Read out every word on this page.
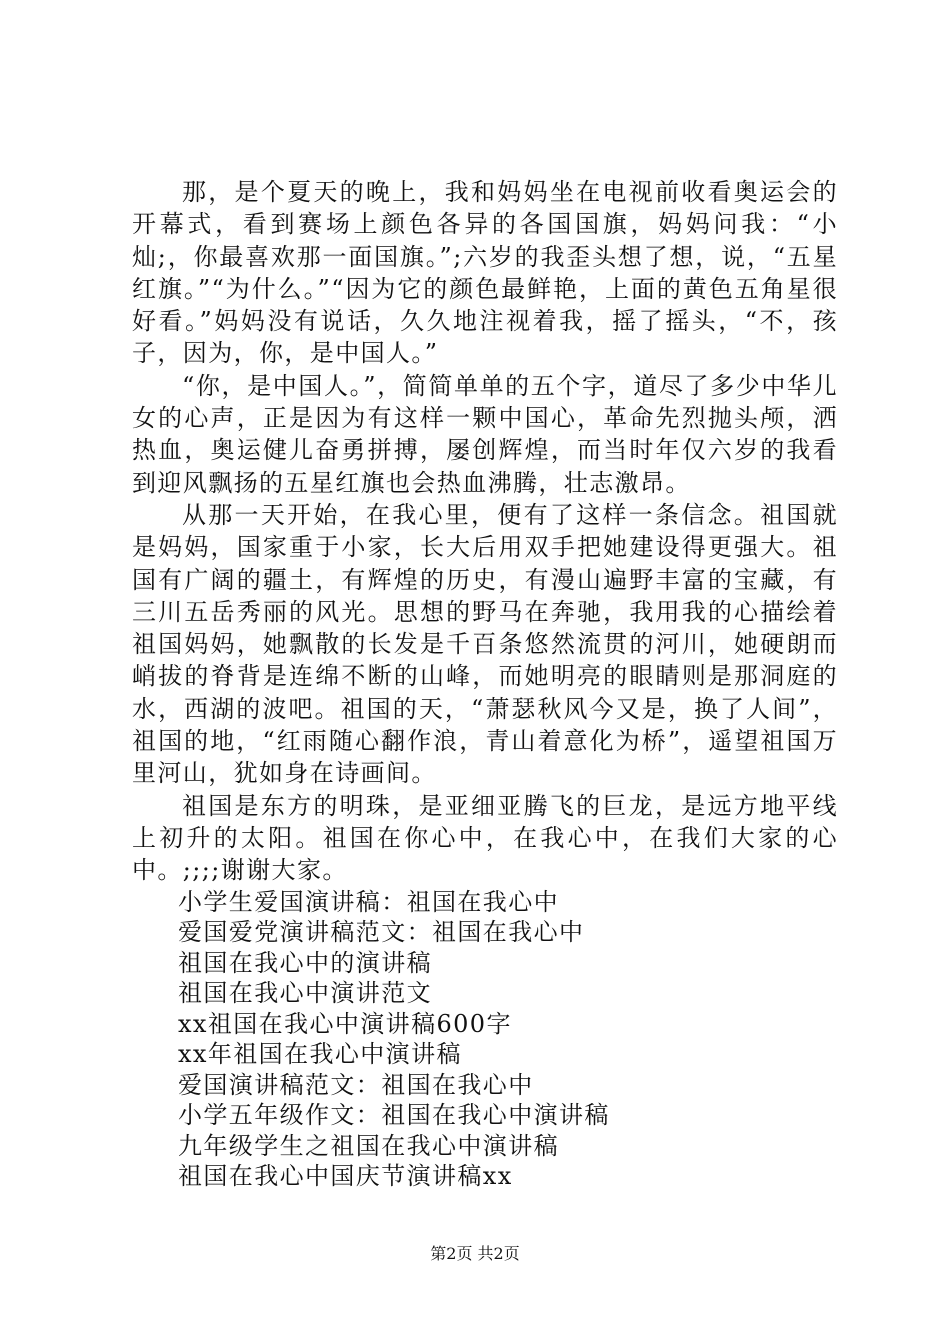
那，是个夏天的晚上，我和妈妈坐在电视前收看奥运会的开幕式，看到赛场上颜色各异的各国国旗，妈妈问我：“小灿;，你最喜欢那一面国旗。”;六岁的我歪头想了想，说，“五星红旗。”“为什么。”“因为它的颜色最鲜艳，上面的黄色五角星很好看。”妈妈没有说话，久久地注视着我，摇了摇头，“不，孩子，因为，你，是中国人。”

“你，是中国人。”，简简单单的五个字，道尽了多少中华儿女的心声，正是因为有这样一颗中国心，革命先烈抛头颅，洒热血，奥运健儿奋勇拼搏，屡创辉煌，而当时年仅六岁的我看到迎风飘扬的五星红旗也会热血沸腾，壮志激昂。

从那一天开始，在我心里，便有了这样一条信念。祖国就是妈妈，国家重于小家，长大后用双手把她建设得更强大。祖国有广阔的疆土，有辉煌的历史，有漫山遍野丰富的宝藏，有三川五岳秀丽的风光。思想的野马在奔驰，我用我的心描绘着祖国妈妈，她飘散的长发是千百条悠然流贯的河川，她硬朗而峭拔的脊背是连绵不断的山峰，而她明亮的眼睛则是那洞庭的水，西湖的波吧。祖国的天，“萧瑟秋风今又是，换了人间”，祖国的地，“红雨随心翻作浪，青山着意化为桥”，遥望祖国万里河山，犹如身在诗画间。

祖国是东方的明珠，是亚细亚腾飞的巨龙，是远方地平线上初升的太阳。祖国在你心中，在我心中，在我们大家的心中。;;;;谢谢大家。

小学生爱国演讲稿：祖国在我心中
爱国爱党演讲稿范文：祖国在我心中
祖国在我心中的演讲稿
祖国在我心中演讲范文
xx祖国在我心中演讲稿600字
xx年祖国在我心中演讲稿
爱国演讲稿范文：祖国在我心中
小学五年级作文：祖国在我心中演讲稿
九年级学生之祖国在我心中演讲稿
祖国在我心中国庆节演讲稿xx
第2页 共2页
